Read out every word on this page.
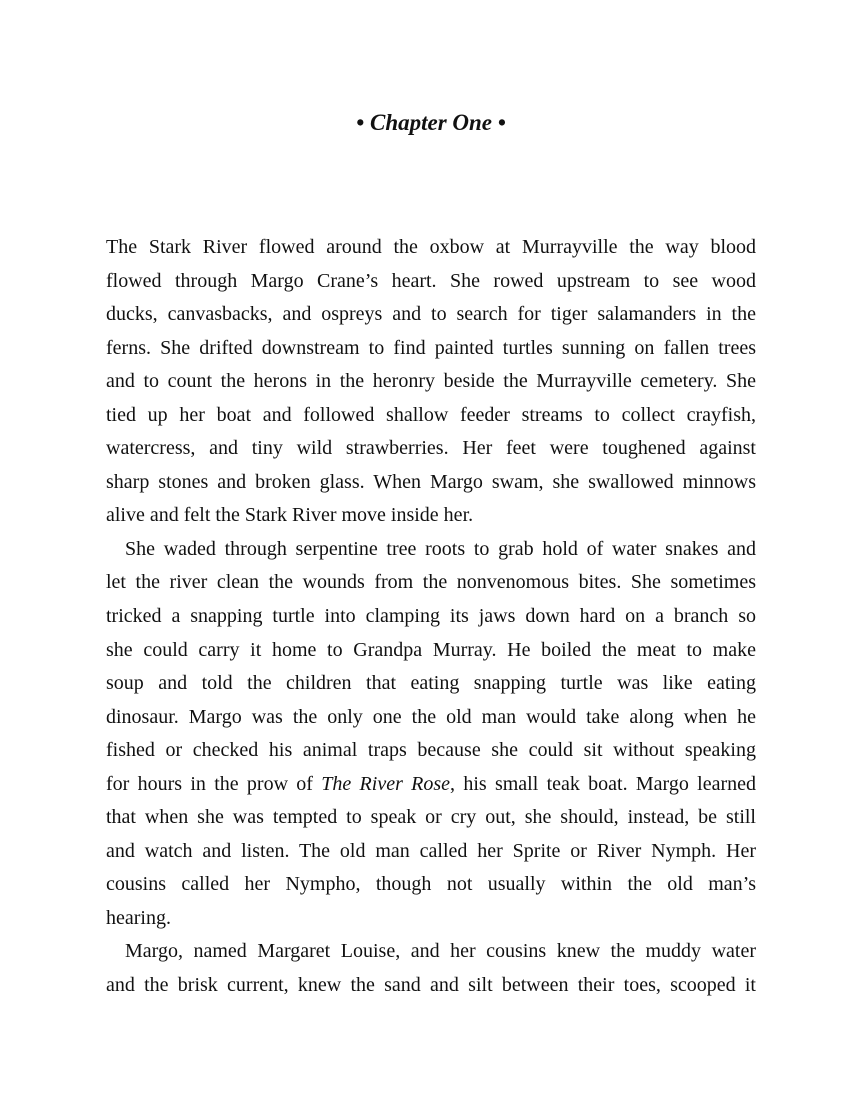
• Chapter One •
The Stark River flowed around the oxbow at Murrayville the way blood
flowed through Margo Crane’s heart. She rowed upstream to see wood
ducks, canvasbacks, and ospreys and to search for tiger salamanders in the
ferns. She drifted downstream to find painted turtles sunning on fallen trees
and to count the herons in the heronry beside the Murrayville cemetery. She
tied up her boat and followed shallow feeder streams to collect crayfish,
watercress, and tiny wild strawberries. Her feet were toughened against
sharp stones and broken glass. When Margo swam, she swallowed minnows
alive and felt the Stark River move inside her.
She waded through serpentine tree roots to grab hold of water snakes and
let the river clean the wounds from the nonvenomous bites. She sometimes
tricked a snapping turtle into clamping its jaws down hard on a branch so
she could carry it home to Grandpa Murray. He boiled the meat to make
soup and told the children that eating snapping turtle was like eating
dinosaur. Margo was the only one the old man would take along when he
fished or checked his animal traps because she could sit without speaking
for hours in the prow of The River Rose, his small teak boat. Margo learned
that when she was tempted to speak or cry out, she should, instead, be still
and watch and listen. The old man called her Sprite or River Nymph. Her
cousins called her Nympho, though not usually within the old man’s
hearing.
Margo, named Margaret Louise, and her cousins knew the muddy water
and the brisk current, knew the sand and silt between their toes, scooped it
